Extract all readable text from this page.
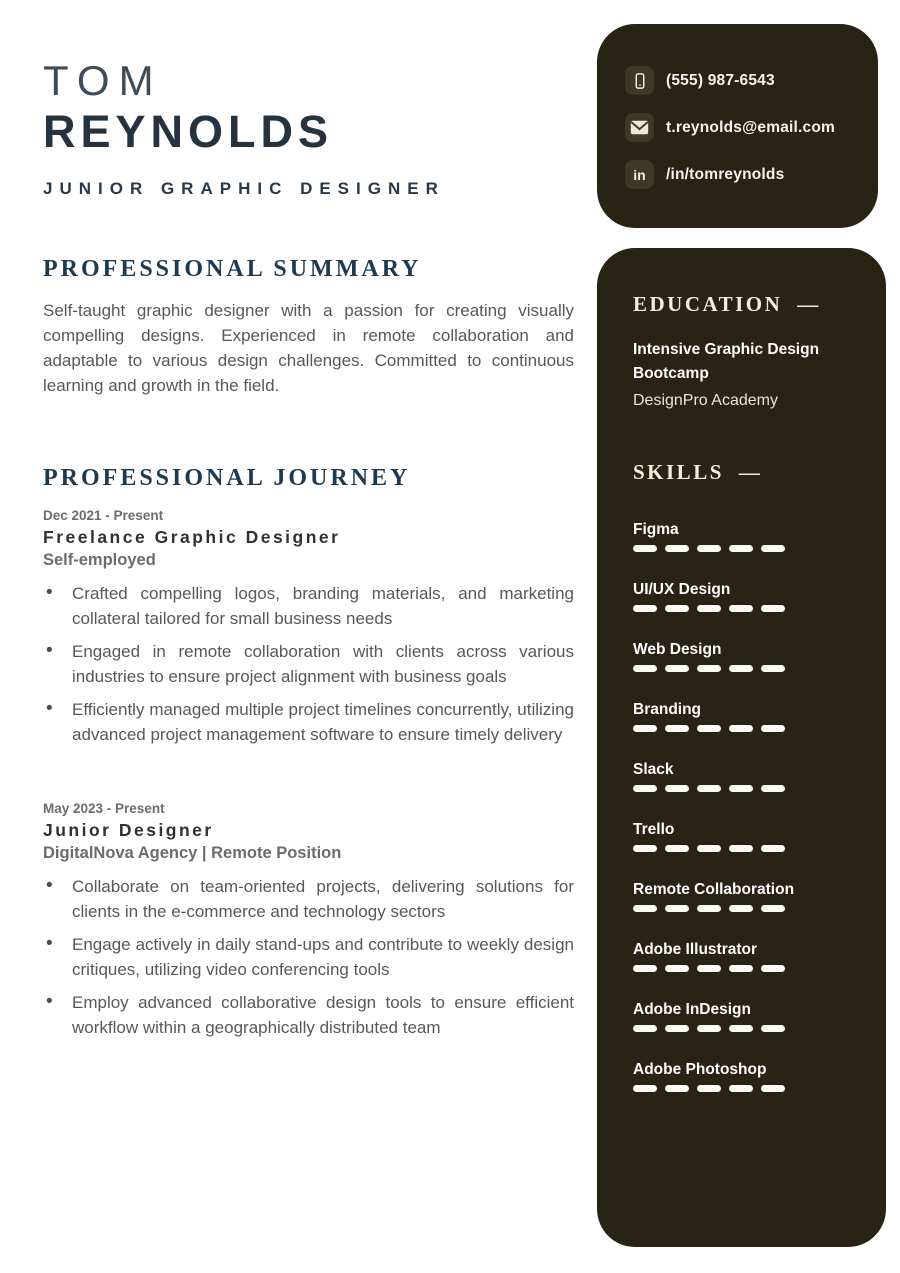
TOM
REYNOLDS
JUNIOR GRAPHIC DESIGNER
PROFESSIONAL SUMMARY

Self-taught graphic designer with a passion for creating visually compelling designs. Experienced in remote collaboration and adaptable to various design challenges. Committed to continuous learning and growth in the field.

PROFESSIONAL JOURNEY
Dec 2021 - Present
Freelance Graphic Designer
Self-employed
• Crafted compelling logos, branding materials, and marketing collateral tailored for small business needs
• Engaged in remote collaboration with clients across various industries to ensure project alignment with business goals
• Efficiently managed multiple project timelines concurrently, utilizing advanced project management software to ensure timely delivery
May 2023 - Present
Junior Designer
DigitalNova Agency | Remote Position
• Collaborate on team-oriented projects, delivering solutions for clients in the e-commerce and technology sectors
• Engage actively in daily stand-ups and contribute to weekly design critiques, utilizing video conferencing tools
• Employ advanced collaborative design tools to ensure efficient workflow within a geographically distributed team
(555) 987-6543
t.reynolds@email.com
in /in/tomreynolds
EDUCATION —
Intensive Graphic Design Bootcamp
DesignPro Academy
SKILLS —
Figma
UI/UX Design
Web Design
Branding
Slack
Trello
Remote Collaboration
Adobe Illustrator
Adobe InDesign
Adobe Photoshop
